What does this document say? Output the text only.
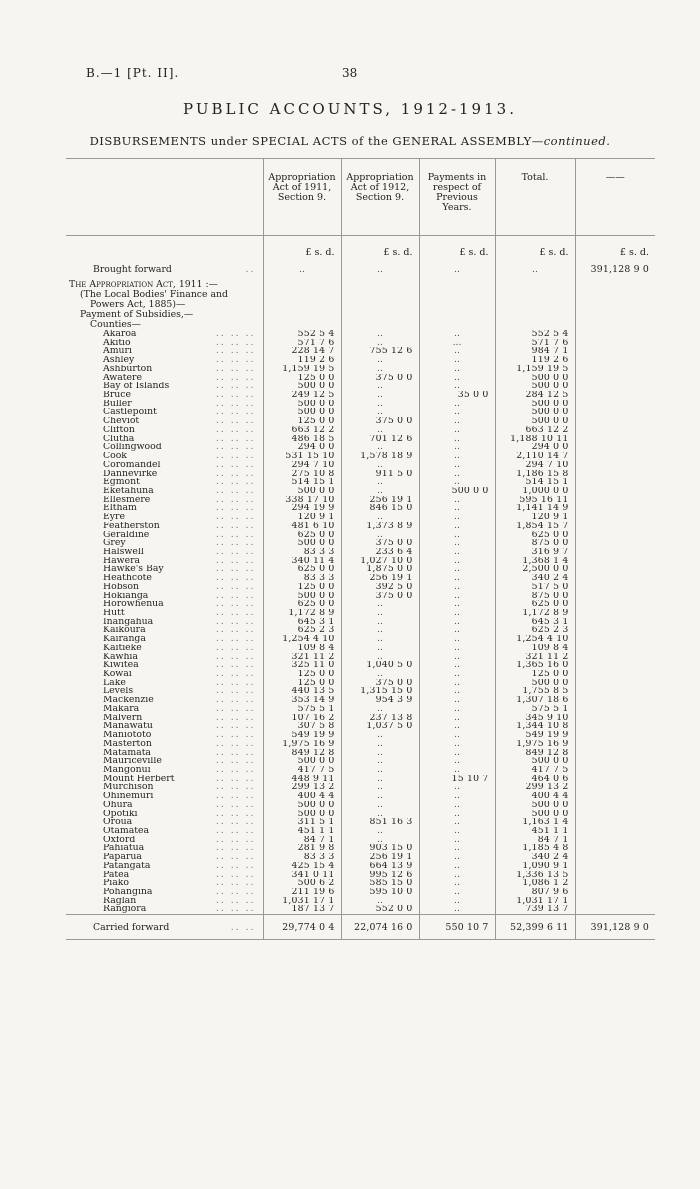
B.—1 [Pt. II].	38
PUBLIC ACCOUNTS, 1912-1913.
DISBURSEMENTS under SPECIAL ACTS of the GENERAL ASSEMBLY—continued.
	Appropriation Act of 1911, Section 9.	Appropriation Act of 1912, Section 9.	Payments in respect of Previous Years.	Total.	——
	£ s. d.	£ s. d.	£ s. d.	£ s. d.	£ s. d.

Brought forward ..	..	..	..	..	391,128 9 0
The Appropriation Act, 1911 :—					
(The Local Bodies' Finance and					
Powers Act, 1885)—					
Payment of Subsidies,—					
Counties—					

Akaroa .. .. ..	552 5 4	..	..	552 5 4	

Akitio .. .. ..	571 7 6	..	...	571 7 6	

Amuri .. .. ..	228 14 7	755 12 6	..	984 7 1	

Ashley .. .. ..	119 2 6	..	..	119 2 6	

Ashburton .. .. ..	1,159 19 5	..	..	1,159 19 5	

Awatere .. .. ..	125 0 0	375 0 0	..	500 0 0	

Bay of Islands .. .. ..	500 0 0	..	..	500 0 0	

Bruce .. .. ..	249 12 5	..	35 0 0	284 12 5	

Buller .. .. ..	500 0 0	..	..	500 0 0	

Castlepoint .. .. ..	500 0 0	..	..	500 0 0	

Cheviot .. .. ..	125 0 0	375 0 0	..	500 0 0	

Clifton .. .. ..	663 12 2	..	..	663 12 2	

Clutha .. .. ..	486 18 5	701 12 6	..	1,188 10 11	

Collingwood .. .. ..	294 0 0	..	..	294 0 0	

Cook .. .. ..	531 15 10	1,578 18 9	..	2,110 14 7	

Coromandel .. .. ..	294 7 10	..	..	294 7 10	

Dannevirke .. .. ..	275 10 8	911 5 0	..	1,186 15 8	

Egmont .. .. ..	514 15 1	..	..	514 15 1	

Eketahuna .. .. ..	500 0 0	..	500 0 0	1,000 0 0	

Ellesmere .. .. ..	338 17 10	256 19 1	..	595 16 11	

Eltham .. .. ..	294 19 9	846 15 0	..	1,141 14 9	

Eyre .. .. ..	120 9 1	..	..	120 9 1	

Featherston .. .. ..	481 6 10	1,373 8 9	..	1,854 15 7	

Geraldine .. .. ..	625 0 0	..	..	625 0 0	

Grey .. .. ..	500 0 0	375 0 0	..	875 0 0	

Halswell .. .. ..	83 3 3	233 6 4	..	316 9 7	

Hawera .. .. ..	340 11 4	1,027 10 0	..	1,368 1 4	

Hawke's Bay .. .. ..	625 0 0	1,875 0 0	..	2,500 0 0	

Heathcote .. .. ..	83 3 3	256 19 1	..	340 2 4	

Hobson .. .. ..	125 0 0	392 5 0	..	517 5 0	

Hokianga .. .. ..	500 0 0	375 0 0	..	875 0 0	

Horowhenua .. .. ..	625 0 0	..	..	625 0 0	

Hutt .. .. ..	1,172 8 9	..	..	1,172 8 9	

Inangahua .. .. ..	645 3 1	..	..	645 3 1	

Kaikoura .. .. ..	625 2 3	..	..	625 2 3	

Kairanga .. .. ..	1,254 4 10	..	..	1,254 4 10	

Kaitieke .. .. ..	109 8 4	..	..	109 8 4	

Kawhia .. .. ..	321 11 2	..	..	321 11 2	

Kiwitea .. .. ..	325 11 0	1,040 5 0	..	1,365 16 0	

Kowai .. .. ..	125 0 0	..	..	125 0 0	

Lake .. .. ..	125 0 0	375 0 0	..	500 0 0	

Levels .. .. ..	440 13 5	1,315 15 0	..	1,755 8 5	

Mackenzie .. .. ..	353 14 9	954 3 9	..	1,307 18 6	

Makara .. .. ..	575 5 1	..	..	575 5 1	

Malvern .. .. ..	107 16 2	237 13 8	..	345 9 10	

Manawatu .. .. ..	307 5 8	1,037 5 0	..	1,344 10 8	

Maniototo .. .. ..	549 19 9	..	..	549 19 9	

Masterton .. .. ..	1,975 16 9	..	..	1,975 16 9	

Matamata .. .. ..	849 12 8	..	..	849 12 8	

Mauriceville .. .. ..	500 0 0	..	..	500 0 0	

Mangonui .. .. ..	417 7 5	..	..	417 7 5	

Mount Herbert .. .. ..	448 9 11	..	15 10 7	464 0 6	

Murchison .. .. ..	299 13 2	..	..	299 13 2	

Ohinemuri .. .. ..	400 4 4	..	..	400 4 4	

Ohura .. .. ..	500 0 0	..	..	500 0 0	

Opotiki .. .. ..	500 0 0	..	..	500 0 0	

Oroua .. .. ..	311 5 1	851 16 3	..	1,163 1 4	

Otamatea .. .. ..	451 1 1	..	..	451 1 1	

Oxford .. .. ..	84 7 1	..	..	84 7 1	

Pahiatua .. .. ..	281 9 8	903 15 0	..	1,185 4 8	

Paparua .. .. ..	83 3 3	256 19 1	..	340 2 4	

Patangata .. .. ..	425 15 4	664 13 9	..	1,090 9 1	

Patea .. .. ..	341 0 11	995 12 6	..	1,336 13 5	

Piako .. .. ..	500 6 2	585 15 0	..	1,086 1 2	

Pohangina .. .. ..	211 19 6	595 10 0	..	807 9 6	

Raglan .. .. ..	1,031 17 1	..	..	1,031 17 1	

Rangiora .. .. ..	187 13 7	552 0 0	..	739 13 7	

Carried forward .. ..	29,774 0 4	22,074 16 0	550 10 7	52,399 6 11	391,128 9 0
